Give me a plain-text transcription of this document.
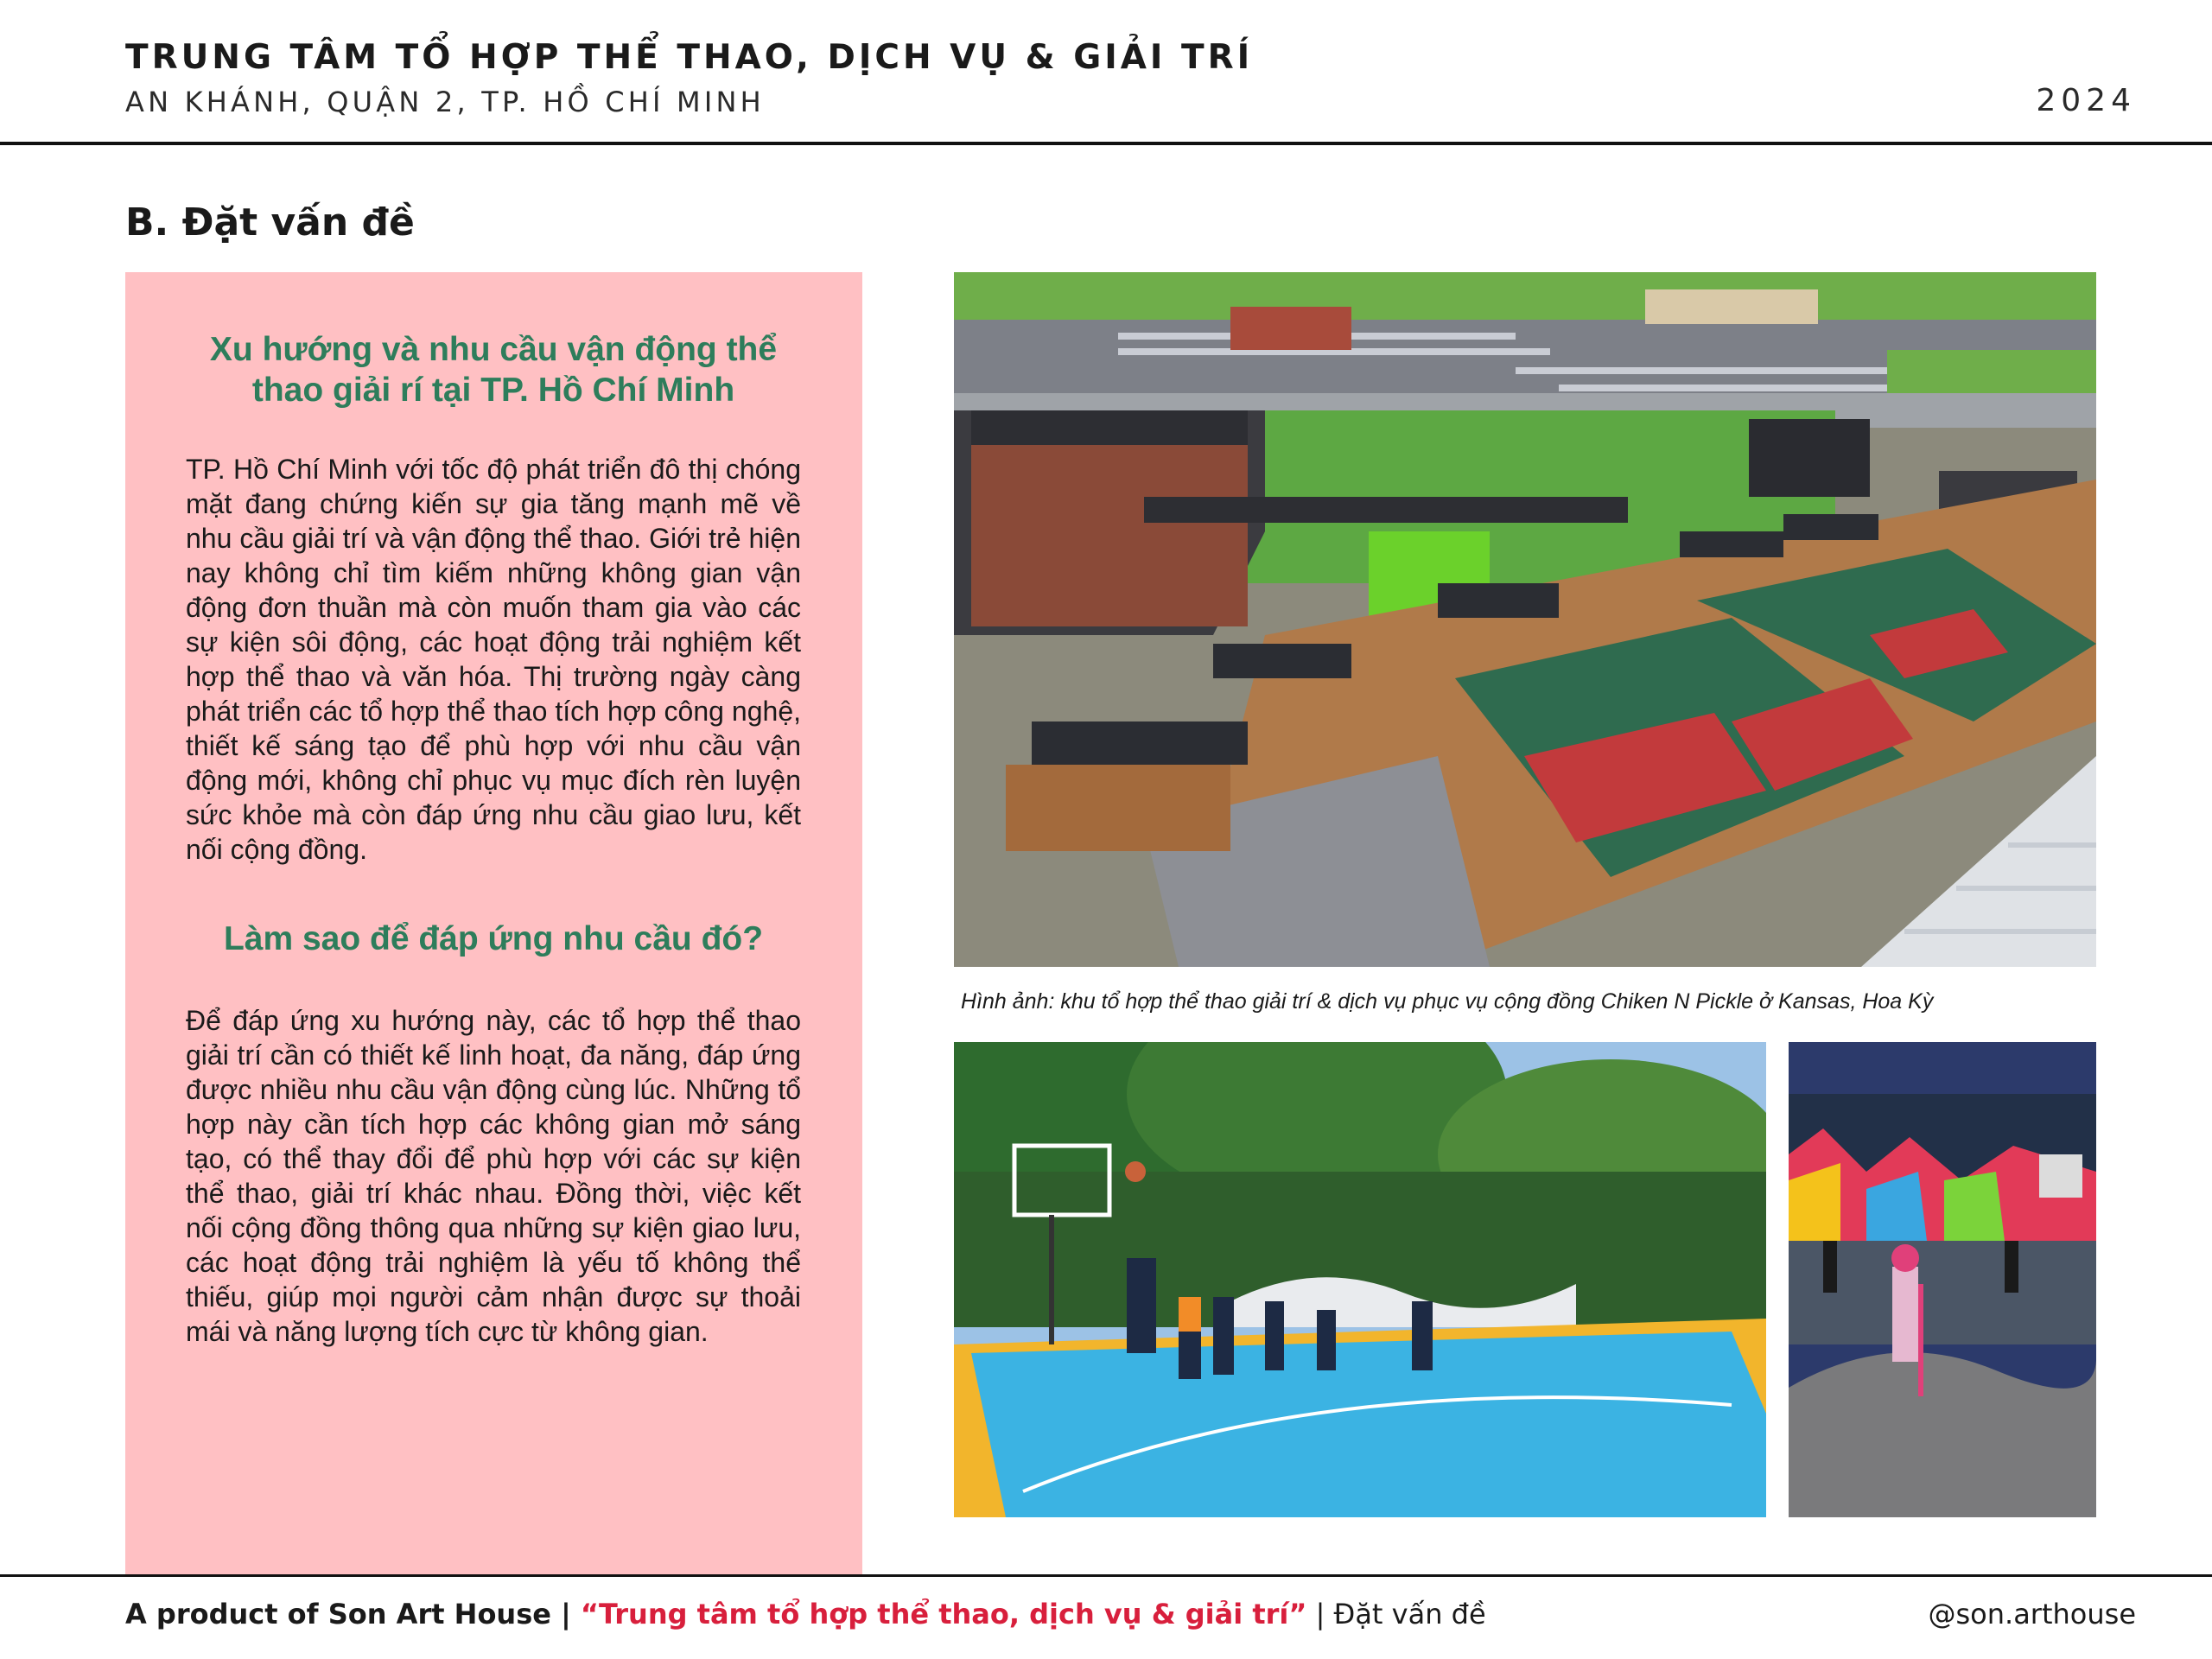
TRUNG TÂM TỔ HỢP THỂ THAO, DỊCH VỤ & GIẢI TRÍ
AN KHÁNH, QUẬN 2, TP. HỒ CHÍ MINH	2024
B. Đặt vấn đề
Xu hướng và nhu cầu vận động thể thao giải rí tại TP. Hồ Chí Minh
TP. Hồ Chí Minh với tốc độ phát triển đô thị chóng mặt đang chứng kiến sự gia tăng mạnh mẽ về nhu cầu giải trí và vận động thể thao. Giới trẻ hiện nay không chỉ tìm kiếm những không gian vận động đơn thuần mà còn muốn tham gia vào các sự kiện sôi động, các hoạt động trải nghiệm kết hợp thể thao và văn hóa. Thị trường ngày càng phát triển các tổ hợp thể thao tích hợp công nghệ, thiết kế sáng tạo để phù hợp với nhu cầu vận động mới, không chỉ phục vụ mục đích rèn luyện sức khỏe mà còn đáp ứng nhu cầu giao lưu, kết nối cộng đồng.
Làm sao để đáp ứng nhu cầu đó?
Để đáp ứng xu hướng này, các tổ hợp thể thao giải trí cần có thiết kế linh hoạt, đa năng, đáp ứng được nhiều nhu cầu vận động cùng lúc. Những tổ hợp này cần tích hợp các không gian mở sáng tạo, có thể thay đổi để phù hợp với các sự kiện thể thao, giải trí khác nhau. Đồng thời, việc kết nối cộng đồng thông qua những sự kiện giao lưu, các hoạt động trải nghiệm là yếu tố không thể thiếu, giúp mọi người cảm nhận được sự thoải mái và năng lượng tích cực từ không gian.
Hình ảnh: khu tổ hợp thể thao giải trí & dịch vụ phục vụ cộng đồng Chiken N Pickle ở Kansas, Hoa Kỳ
A product of Son Art House | “Trung tâm tổ hợp thể thao, dịch vụ & giải trí” | Đặt vấn đề	@son.arthouse
